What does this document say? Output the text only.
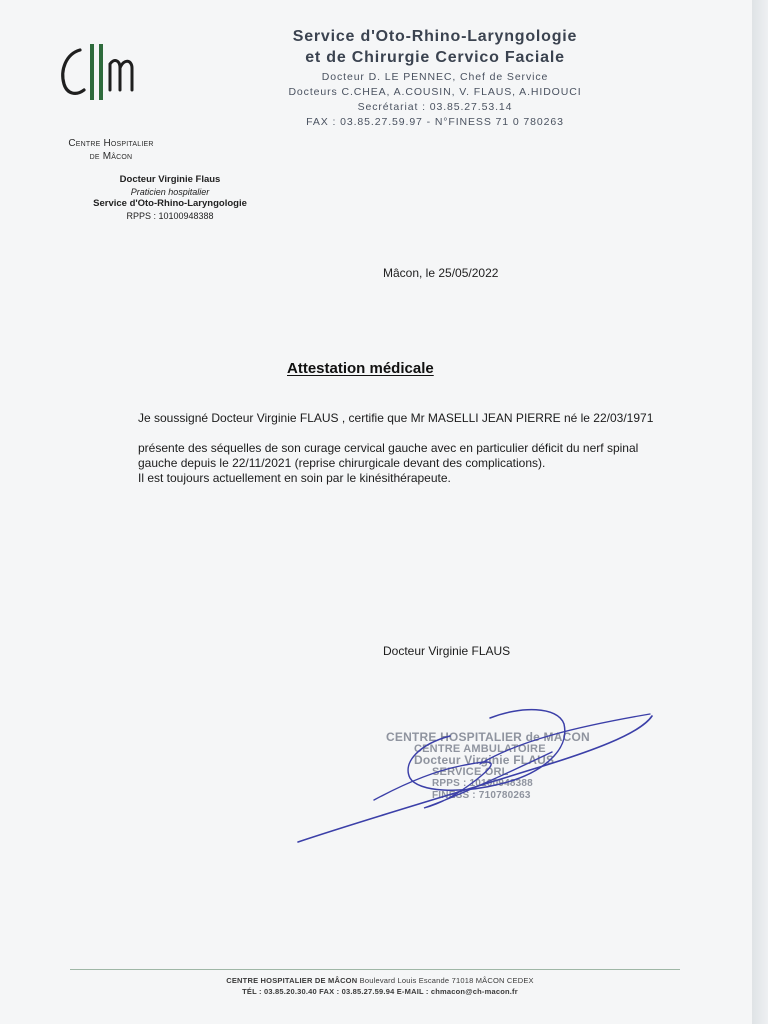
Centre Hospitalier
de Mâcon
Service d'Oto-Rhino-Laryngologie
et de Chirurgie Cervico Faciale
Docteur D. LE PENNEC, Chef de Service
Docteurs C.CHEA, A.COUSIN, V. FLAUS, A.HIDOUCI
Secrétariat : 03.85.27.53.14
FAX : 03.85.27.59.97 - N°FINESS 71 0 780263
Docteur Virginie Flaus
Praticien hospitalier
Service d'Oto-Rhino-Laryngologie
RPPS : 10100948388
Mâcon, le 25/05/2022
Attestation médicale

Je soussigné Docteur Virginie FLAUS , certifie que Mr MASELLI JEAN PIERRE né le 22/03/1971

présente des séquelles de son curage cervical gauche avec en particulier déficit du nerf spinal gauche depuis le 22/11/2021 (reprise chirurgicale devant des complications).

Il est toujours actuellement en soin par le kinésithérapeute.

Docteur Virginie FLAUS
CENTRE HOSPITALIER de MACON
CENTRE AMBULATOIRE
Docteur Virginie FLAUS
SERVICE ORL
RPPS : 10100948388
FINESS : 710780263
CENTRE HOSPITALIER DE MÂCON Boulevard Louis Escande 71018 MÂCON CEDEX
TÉL : 03.85.20.30.40 FAX : 03.85.27.59.94 E-MAIL : chmacon@ch-macon.fr
